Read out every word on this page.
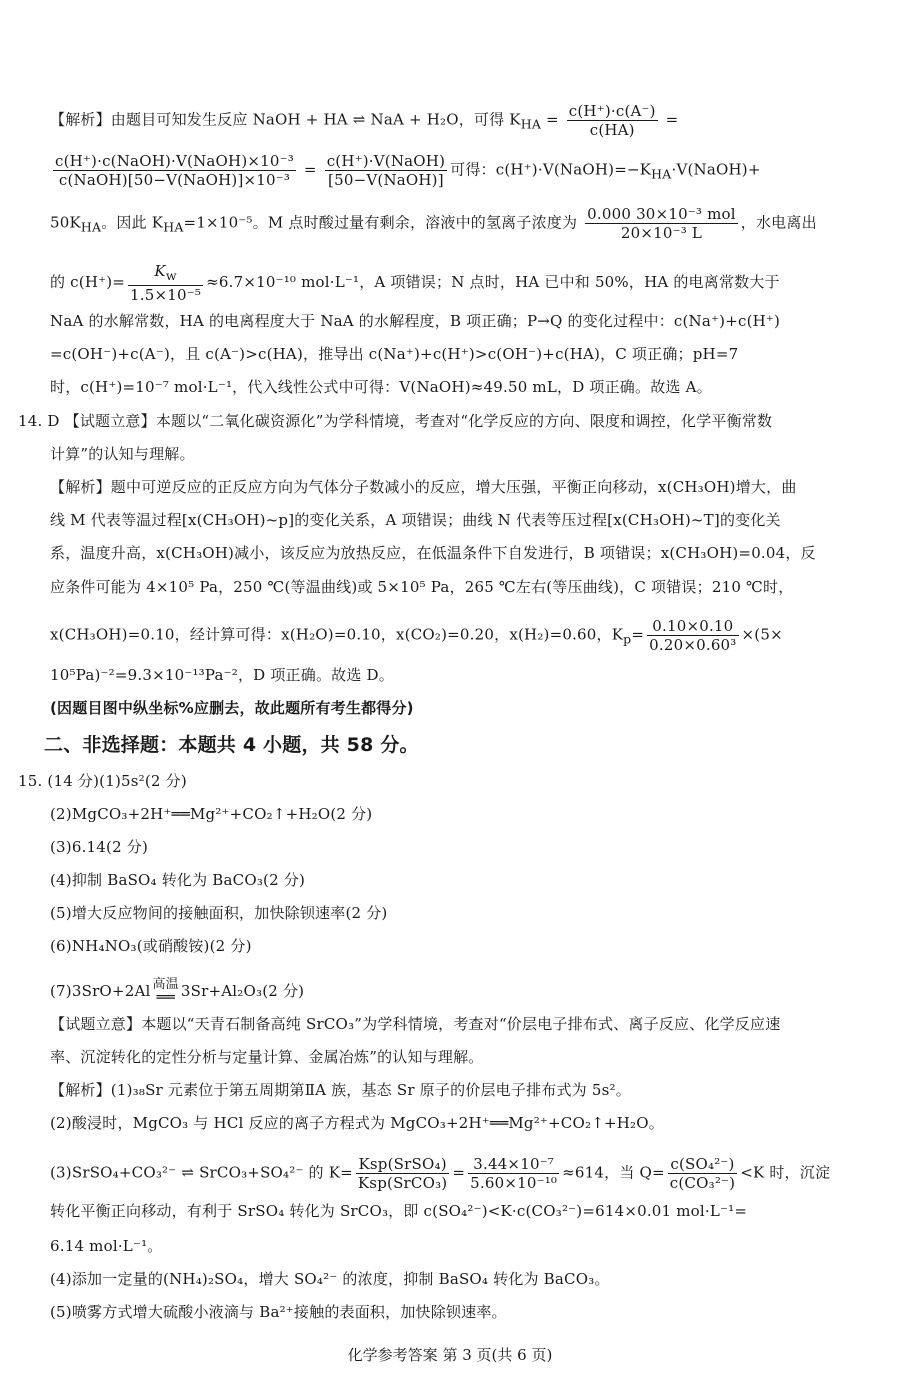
【解析】由题目可知发生反应 NaOH + HA ⇌ NaA + H₂O，可得 $K_{HA} = \frac{c(H^+)\cdot c(A^-)}{c(HA)}$ =
$\frac{\text{c(H⁺)·c(NaOH)·V(NaOH)×10⁻³}}{\text{c(NaOH)[50−V(NaOH)]×10⁻³}} = \frac{\text{c(H⁺)·V(NaOH)}}{\text{[50−V(NaOH)]}}$ 可得：$c(H^+)\cdot V(NaOH)=-K_{HA}\cdot V(NaOH)+$
$50K_{HA}$。因此 $K_{HA}=1\times 10^{-5}$。M 点时酸过量有剩余，溶液中的氢离子浓度为 $\frac{\text{0.000 30×10⁻³ mol}}{\text{20×10⁻³ L}}$ ，水电离出
的 $c(H^+)= \frac{K_w}{\text{1.5×10⁻⁵}} \approx 6.7\times 10^{-10}$ mol·L⁻¹，A 项错误；N 点时，HA 已中和 50%，HA 的电离常数大于
NaA 的水解常数，HA 的电离程度大于 NaA 的水解程度，B 项正确；P→Q 的变化过程中：c(Na⁺)+c(H⁺)
=c(OH⁻)+c(A⁻)，且 c(A⁻)>c(HA)，推导出 c(Na⁺)+c(H⁺)>c(OH⁻)+c(HA)，C 项正确；pH=7
时，c(H⁺)=10⁻⁷ mol·L⁻¹，代入线性公式中可得：V(NaOH)≈49.50 mL，D 项正确。故选 A。
14. D 【试题立意】本题以“二氧化碳资源化”为学科情境，考查对“化学反应的方向、限度和调控，化学平衡常数
计算”的认知与理解。
【解析】题中可逆反应的正反应方向为气体分子数减小的反应，增大压强，平衡正向移动，x(CH₃OH)增大，曲
线 M 代表等温过程[x(CH₃OH)~p]的变化关系，A 项错误；曲线 N 代表等压过程[x(CH₃OH)~T]的变化关
系，温度升高，x(CH₃OH)减小，该反应为放热反应，在低温条件下自发进行，B 项错误；x(CH₃OH)=0.04，反
应条件可能为 4×10⁵ Pa，250 ℃(等温曲线)或 5×10⁵ Pa，265 ℃左右(等压曲线)，C 项错误；210 ℃时，
x(CH₃OH)=0.10，经计算可得：x(H₂O)=0.10，x(CO₂)=0.20，x(H₂)=0.60，$K_p= \frac{0.10\times 0.10}{\text{0.20×0.60³}} \times(5\times$
10⁵Pa)⁻²=9.3×10⁻¹³Pa⁻²，D 项正确。故选 D。
(因题目图中纵坐标%应删去，故此题所有考生都得分)
二、非选择题：本题共 4 小题，共 58 分。
15. (14 分)(1)5s²(2 分)
(2)MgCO₃+2H⁺══Mg²⁺+CO₂↑+H₂O(2 分)
(3)6.14(2 分)
(4)抑制 BaSO₄ 转化为 BaCO₃(2 分)
(5)增大反应物间的接触面积，加快除钡速率(2 分)
(6)NH₄NO₃(或硝酸铵)(2 分)
(7)3SrO+2Al 高温
══ 3Sr+Al₂O₃(2 分)
【试题立意】本题以“天青石制备高纯 SrCO₃”为学科情境，考查对“价层电子排布式、离子反应、化学反应速
率、沉淀转化的定性分析与定量计算、金属冶炼”的认知与理解。
【解析】(1)₃₈Sr 元素位于第五周期第ⅡA 族，基态 Sr 原子的价层电子排布式为 5s²。
(2)酸浸时，MgCO₃ 与 HCl 反应的离子方程式为 MgCO₃+2H⁺══Mg²⁺+CO₂↑+H₂O。
(3)SrSO₄+CO₃²⁻ ⇌ SrCO₃+SO₄²⁻ 的 $K= \frac{\text{Ksp(SrSO₄)}}{\text{Ksp(SrCO₃)}} = \frac{\text{3.44×10⁻⁷}}{\text{5.60×10⁻¹⁰}} \approx 614$，当 $Q= \frac{\text{c(SO₄²⁻)}}{\text{c(CO₃²⁻)}} <K$ 时，沉淀
转化平衡正向移动，有利于 SrSO₄ 转化为 SrCO₃，即 c(SO₄²⁻)<K·c(CO₃²⁻)=614×0.01 mol·L⁻¹=
6.14 mol·L⁻¹。
(4)添加一定量的(NH₄)₂SO₄，增大 SO₄²⁻ 的浓度，抑制 BaSO₄ 转化为 BaCO₃。
(5)喷雾方式增大硫酸小液滴与 Ba²⁺接触的表面积，加快除钡速率。
化学参考答案 第 3 页(共 6 页)
